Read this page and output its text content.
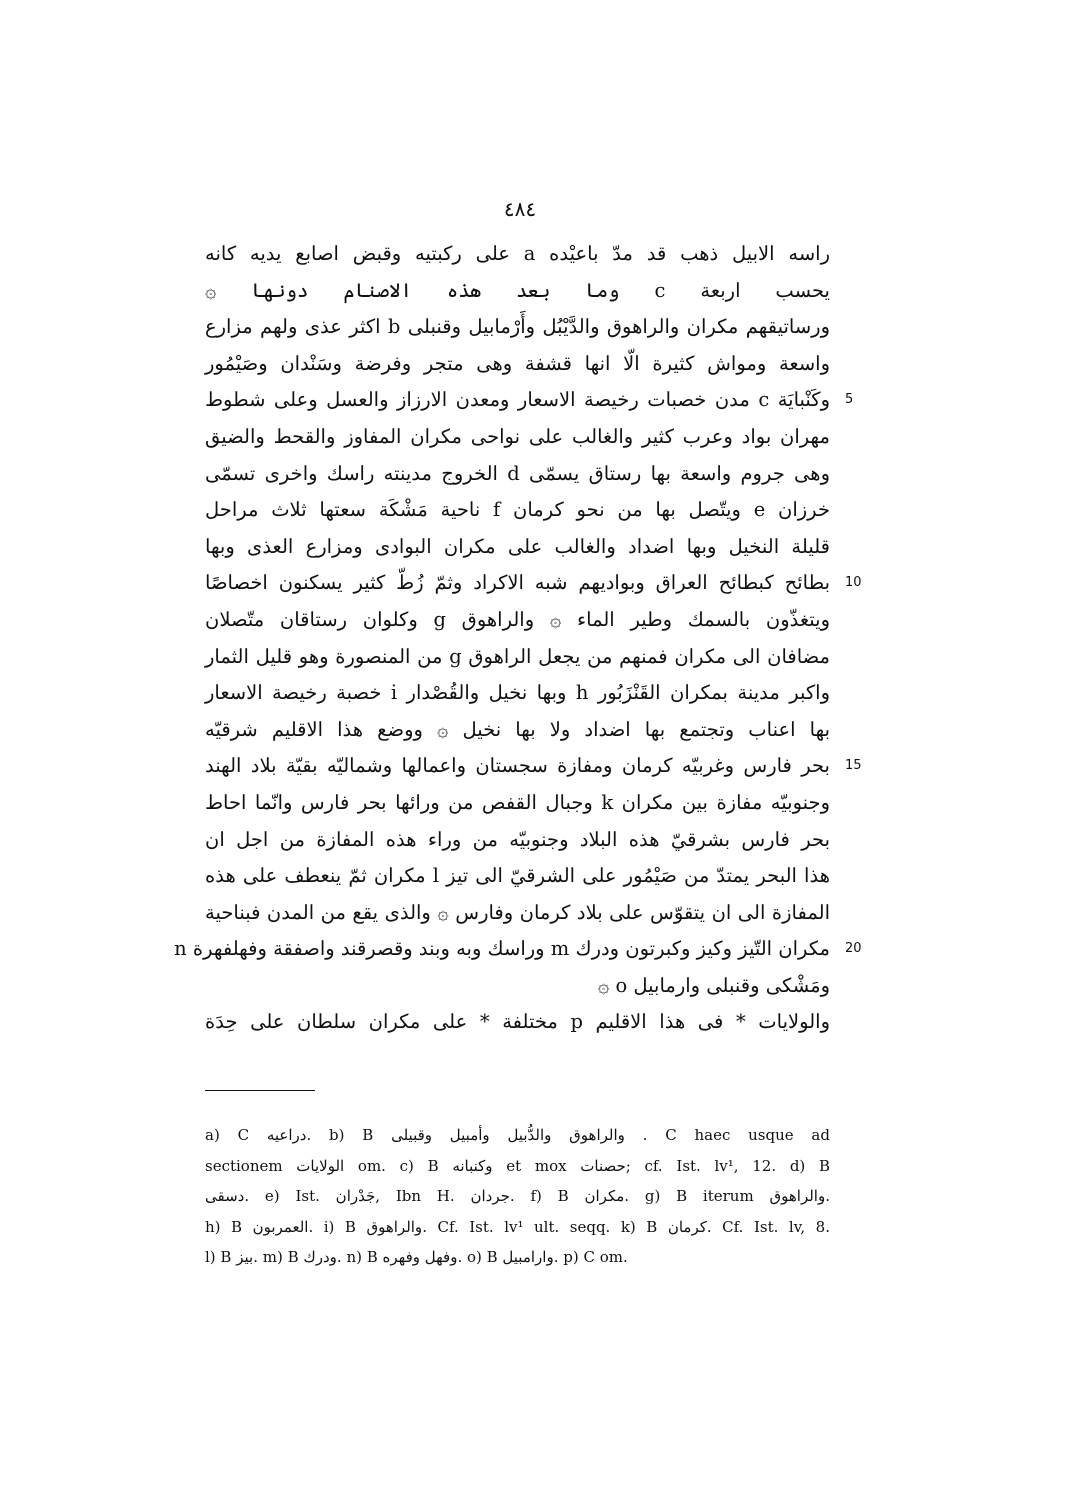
٤٨٤
راسه الابيل ذهب قد مدّ باعيْده a على ركبتيه وقبض اصابع يديه كانه
يحسب اربعة c وما بعد هذه الاصنام دونها ۞
ورساتيقهم مكران والراهوق والدَّيْبُل وأَرْمابيل وقنبلى b اكثر عذى ولهم مزارع
واسعة ومواش كثيرة الّا انها قشفة وهى متجر وفرضة وسَنْدان وصَيْمُور
وكَنْبايَة c مدن خصبات رخيصة الاسعار ومعدن الارزاز والعسل وعلى شطوط 5
مهران بواد وعرب كثير والغالب على نواحى مكران المفاوز والقحط والضيق
وهى جروم واسعة بها رستاق يسمّى d الخروج مدينته راسك واخرى تسمّى
خرزان e ويتّصل بها من نحو كرمان f ناحية مَشْكَة سعتها ثلاث مراحل
قليلة النخيل وبها اضداد والغالب على مكران البوادى ومزارع العذى وبها
بطائح كبطائح العراق وبواديهم شبه الاكراد وثمّ زُطّ كثير يسكنون اخصاصًا 10
ويتغذّون بالسمك وطير الماء ۞ والراهوق g وكلوان رستاقان متّصلان
مضافان الى مكران فمنهم من يجعل الراهوق g من المنصورة وهو قليل الثمار
واكبر مدينة بمكران القَنْزَبُور h وبها نخيل والقُصْدار i خصبة رخيصة الاسعار
بها اعناب وتجتمع بها اضداد ولا بها نخيل ۞ ووضع هذا الاقليم شرقيّه
بحر فارس وغربيّه كرمان ومفازة سجستان واعمالها وشماليّه بقيّة بلاد الهند 15
وجنوبيّه مفازة بين مكران k وجبال القفص من ورائها بحر فارس وانّما احاط
بحر فارس بشرقيّ هذه البلاد وجنوبيّه من وراء هذه المفازة من اجل ان
هذا البحر يمتدّ من صَيْمُور على الشرقيّ الى تيز l مكران ثمّ ينعطف على هذه
المفازة الى ان يتقوّس على بلاد كرمان وفارس ۞ والذى يقع من المدن فبناحية
مكران التّيز وكيز وكبرتون ودرك m وراسك وبه وبند وقصرقند واصفقة وفهلفهرة n 20
ومَشْكى وقنبلى وارمابيل o ۞
والولايات * فى هذا الاقليم p مختلفة * على مكران سلطان على حِدَة
a) C دراعيه. b) B والراهوق والدُّبيل وأمبيل وقبيلى . C haec usque ad
sectionem الولايات om. c) B وكنبانه et mox حصنات; cf. Ist. lv¹, 12. d) B
دسقى. e) Ist. جَدْران, Ibn H. جردان. f) B مكران. g) B iterum والراهوق.
h) B العمربون. i) B والراهوق. Cf. Ist. lv¹ ult. seqq. k) B كرمان. Cf. Ist. lv, 8.
l) B بيز. m) B ودرك. n) B وفهل وفهره. o) B وارامبيل. p) C om.
